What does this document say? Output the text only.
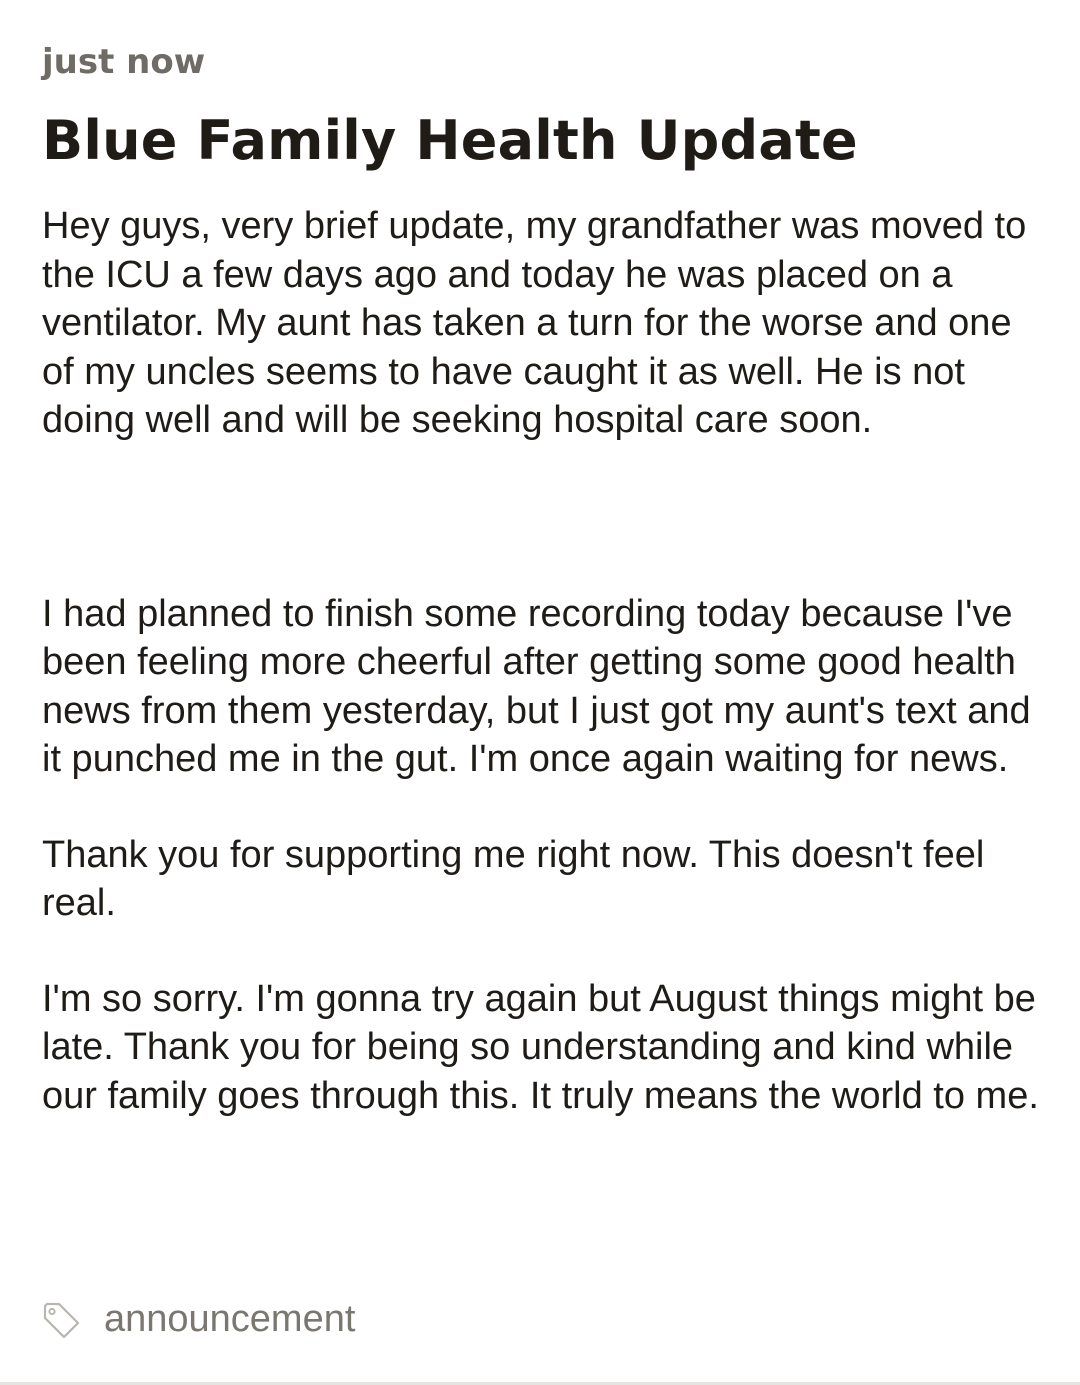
just now

Blue Family Health Update

Hey guys, very brief update, my grandfather was moved to the ICU a few days ago and today he was placed on a ventilator. My aunt has taken a turn for the worse and one of my uncles seems to have caught it as well. He is not doing well and will be seeking hospital care soon.

I had planned to finish some recording today because I've been feeling more cheerful after getting some good health news from them yesterday, but I just got my aunt's text and it punched me in the gut. I'm once again waiting for news.

Thank you for supporting me right now. This doesn't feel real.

I'm so sorry. I'm gonna try again but August things might be late. Thank you for being so understanding and kind while our family goes through this. It truly means the world to me.

announcement
